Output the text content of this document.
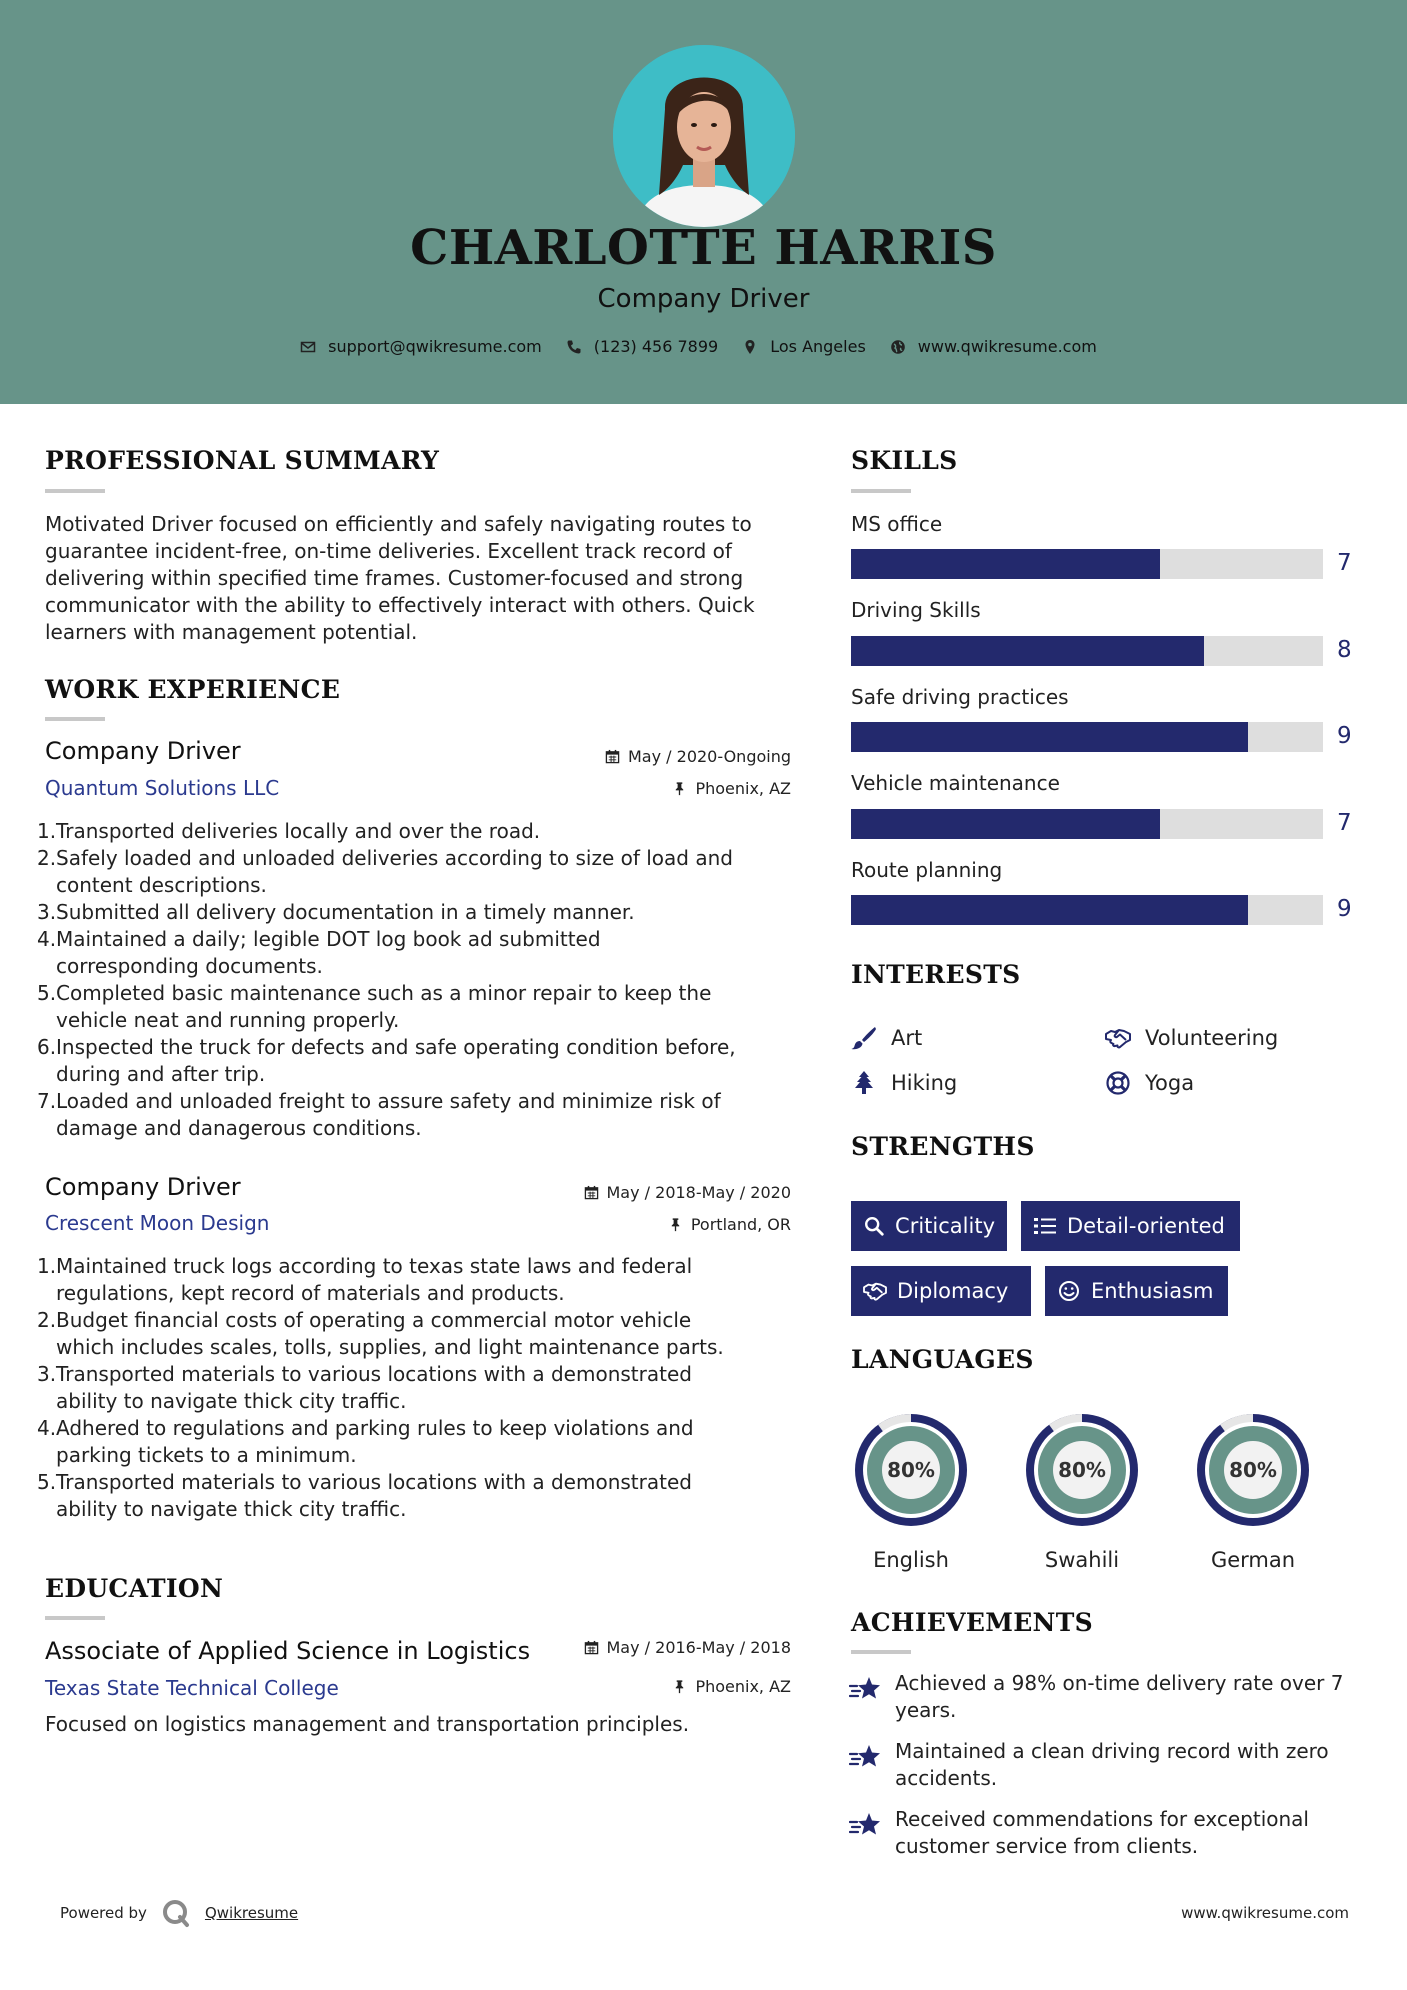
CHARLOTTE HARRIS
Company Driver
support@qwikresume.com	(123) 456 7899	Los Angeles	www.qwikresume.com
PROFESSIONAL SUMMARY
Motivated Driver focused on efficiently and safely navigating routes to
guarantee incident-free, on-time deliveries. Excellent track record of
delivering within specified time frames. Customer-focused and strong
communicator with the ability to effectively interact with others. Quick
learners with management potential.
WORK EXPERIENCE
Company Driver
Quantum Solutions LLC
May / 2020-Ongoing
Phoenix, AZ
1. Transported deliveries locally and over the road.
2. Safely loaded and unloaded deliveries according to size of load and
content descriptions.
3. Submitted all delivery documentation in a timely manner.
4. Maintained a daily; legible DOT log book ad submitted
corresponding documents.
5. Completed basic maintenance such as a minor repair to keep the
vehicle neat and running properly.
6. Inspected the truck for defects and safe operating condition before,
during and after trip.
7. Loaded and unloaded freight to assure safety and minimize risk of
damage and danagerous conditions.
Company Driver
Crescent Moon Design
May / 2018-May / 2020
Portland, OR
1. Maintained truck logs according to texas state laws and federal
regulations, kept record of materials and products.
2. Budget financial costs of operating a commercial motor vehicle
which includes scales, tolls, supplies, and light maintenance parts.
3. Transported materials to various locations with a demonstrated
ability to navigate thick city traffic.
4. Adhered to regulations and parking rules to keep violations and
parking tickets to a minimum.
5. Transported materials to various locations with a demonstrated
ability to navigate thick city traffic.
EDUCATION
Associate of Applied Science in Logistics
Texas State Technical College
May / 2016-May / 2018
Phoenix, AZ
Focused on logistics management and transportation principles.
SKILLS
MS office
7
Driving Skills
8
Safe driving practices
9
Vehicle maintenance
7
Route planning
9
INTERESTS
Art	Volunteering
Hiking	Yoga
STRENGTHS
Criticality	Detail-oriented
Diplomacy	Enthusiasm
LANGUAGES
80%
English
80%
Swahili
80%
German
ACHIEVEMENTS
Achieved a 98% on-time delivery rate over 7
years.
Maintained a clean driving record with zero
accidents.
Received commendations for exceptional
customer service from clients.
Powered by	Qwikresume	www.qwikresume.com
